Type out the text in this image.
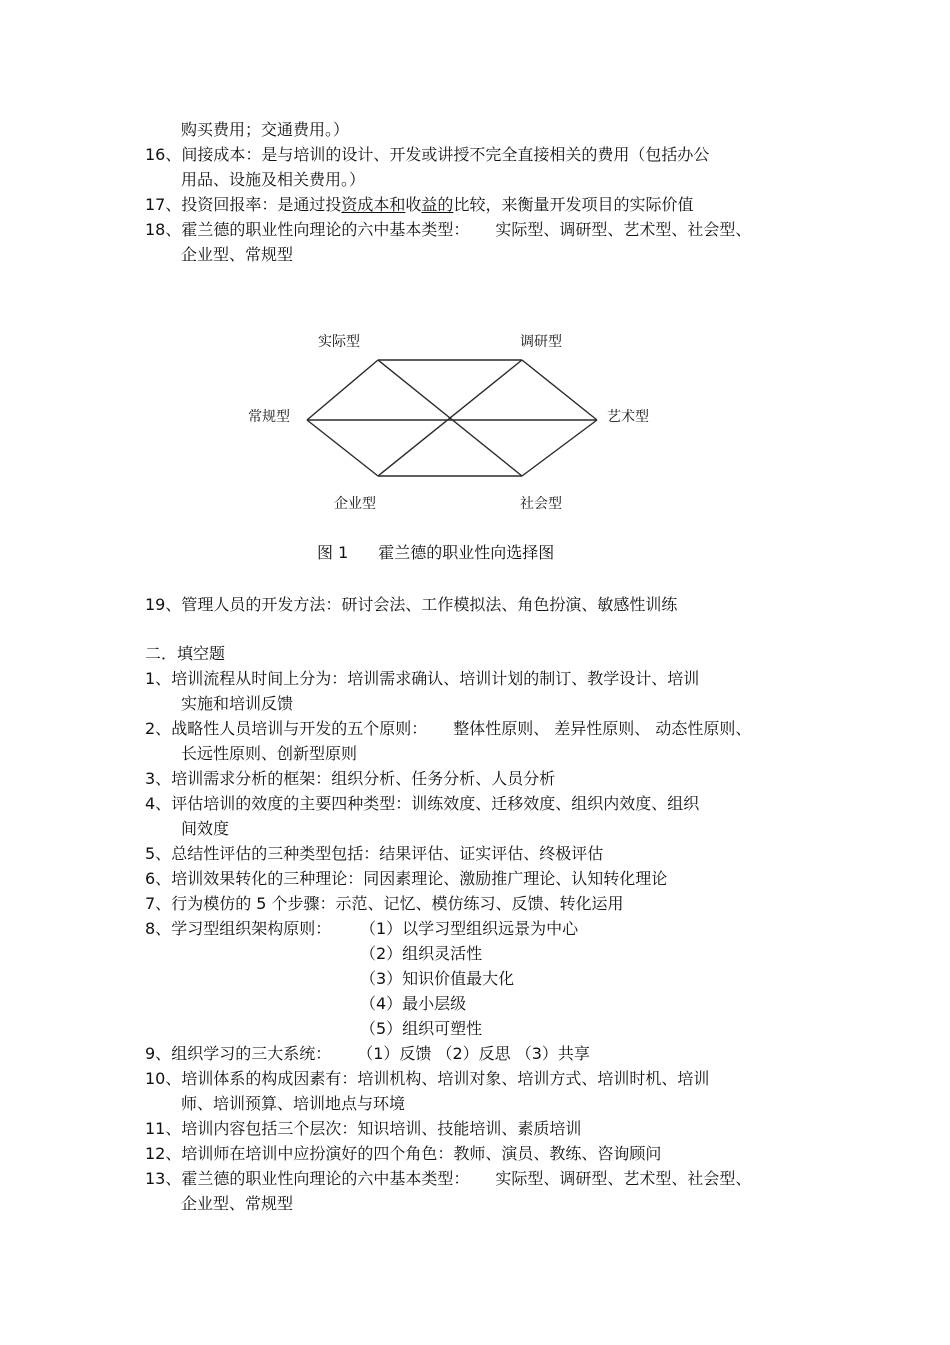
购买费用；交通费用。）
16、间接成本：是与培训的设计、开发或讲授不完全直接相关的费用（包括办公
用品、设施及相关费用。）
17、投资回报率：是通过投资成本和收益的比较，来衡量开发项目的实际价值
18、霍兰德的职业性向理论的六中基本类型： 实际型、调研型、艺术型、社会型、
企业型、常规型
实际型	调研型
常规型	艺术型
企业型	社会型
图 1 霍兰德的职业性向选择图
19、管理人员的开发方法：研讨会法、工作模拟法、角色扮演、敏感性训练
二．填空题
1、培训流程从时间上分为：培训需求确认、培训计划的制订、教学设计、培训
实施和培训反馈
2、战略性人员培训与开发的五个原则： 整体性原则、 差异性原则、 动态性原则、
长远性原则、创新型原则
3、培训需求分析的框架：组织分析、任务分析、人员分析
4、评估培训的效度的主要四种类型：训练效度、迁移效度、组织内效度、组织
间效度
5、总结性评估的三种类型包括：结果评估、证实评估、终极评估
6、培训效果转化的三种理论：同因素理论、激励推广理论、认知转化理论
7、行为模仿的 5 个步骤：示范、记忆、模仿练习、反馈、转化运用
8、学习型组织架构原则： （1）以学习型组织远景为中心
（2）组织灵活性
（3）知识价值最大化
（4）最小层级
（5）组织可塑性
9、组织学习的三大系统： （1）反馈 （2）反思 （3）共享
10、培训体系的构成因素有：培训机构、培训对象、培训方式、培训时机、培训
师、培训预算、培训地点与环境
11、培训内容包括三个层次：知识培训、技能培训、素质培训
12、培训师在培训中应扮演好的四个角色：教师、演员、教练、咨询顾问
13、霍兰德的职业性向理论的六中基本类型： 实际型、调研型、艺术型、社会型、
企业型、常规型
